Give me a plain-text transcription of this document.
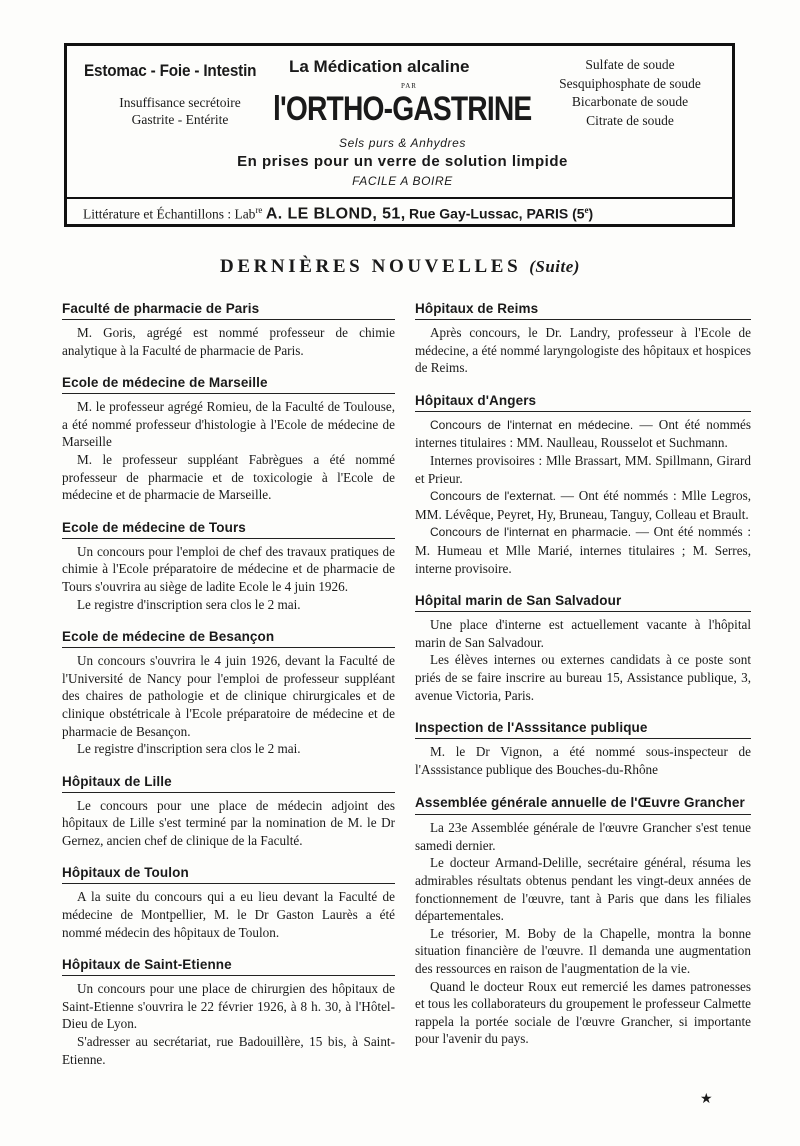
Estomac - Foie - Intestin
Insuffisance secrétoire
Gastrite - Entérite
La Médication alcaline
PAR
l'ORTHO-GASTRINE
Sulfate de soude
Sesquiphosphate de soude
Bicarbonate de soude
Citrate de soude
Sels purs & Anhydres
En prises pour un verre de solution limpide
FACILE A BOIRE
Littérature et Échantillons : Lab$^{re}$ A. LE BLOND, 51, Rue Gay-Lussac, PARIS (5e)
DERNIÈRES NOUVELLES (Suite)
Faculté de pharmacie de Paris

M. Goris, agrégé est nommé professeur de chimie analytique à la Faculté de pharmacie de Paris.

Ecole de médecine de Marseille

M. le professeur agrégé Romieu, de la Faculté de Toulouse, a été nommé professeur d'histologie à l'Ecole de médecine de Marseille

M. le professeur suppléant Fabrègues a été nommé professeur de pharmacie et de toxicologie à l'Ecole de médecine et de pharmacie de Marseille.

Ecole de médecine de Tours

Un concours pour l'emploi de chef des travaux pratiques de chimie à l'Ecole préparatoire de médecine et de pharmacie de Tours s'ouvrira au siège de ladite Ecole le 4 juin 1926.

Le registre d'inscription sera clos le 2 mai.

Ecole de médecine de Besançon

Un concours s'ouvrira le 4 juin 1926, devant la Faculté de l'Université de Nancy pour l'emploi de professeur suppléant des chaires de pathologie et de clinique chirurgicales et de clinique obstétricale à l'Ecole préparatoire de médecine et de pharmacie de Besançon.

Le registre d'inscription sera clos le 2 mai.

Hôpitaux de Lille

Le concours pour une place de médecin adjoint des hôpitaux de Lille s'est terminé par la nomination de M. le Dr Gernez, ancien chef de clinique de la Faculté.

Hôpitaux de Toulon

A la suite du concours qui a eu lieu devant la Faculté de médecine de Montpellier, M. le Dr Gaston Laurès a été nommé médecin des hôpitaux de Toulon.

Hôpitaux de Saint-Etienne

Un concours pour une place de chirurgien des hôpitaux de Saint-Etienne s'ouvrira le 22 février 1926, à 8 h. 30, à l'Hôtel-Dieu de Lyon.

S'adresser au secrétariat, rue Badouillère, 15 bis, à Saint-Etienne.

Hôpitaux de Reims

Après concours, le Dr. Landry, professeur à l'Ecole de médecine, a été nommé laryngologiste des hôpitaux et hospices de Reims.

Hôpitaux d'Angers

Concours de l'internat en médecine. — Ont été nommés internes titulaires : MM. Naulleau, Rousselot et Suchmann.

Internes provisoires : Mlle Brassart, MM. Spillmann, Girard et Prieur.

Concours de l'externat. — Ont été nommés : Mlle Legros, MM. Lévêque, Peyret, Hy, Bruneau, Tanguy, Colleau et Brault.

Concours de l'internat en pharmacie. — Ont été nommés : M. Humeau et Mlle Marié, internes titulaires ; M. Serres, interne provisoire.

Hôpital marin de San Salvadour

Une place d'interne est actuellement vacante à l'hôpital marin de San Salvadour.

Les élèves internes ou externes candidats à ce poste sont priés de se faire inscrire au bureau 15, Assistance publique, 3, avenue Victoria, Paris.

Inspection de l'Asssitance publique

M. le Dr Vignon, a été nommé sous-inspecteur de l'Asssistance publique des Bouches-du-Rhône

Assemblée générale annuelle de l'Œuvre Grancher

La 23e Assemblée générale de l'œuvre Grancher s'est tenue samedi dernier.

Le docteur Armand-Delille, secrétaire général, résuma les admirables résultats obtenus pendant les vingt-deux années de fonctionnement de l'œuvre, tant à Paris que dans les filiales départementales.

Le trésorier, M. Boby de la Chapelle, montra la bonne situation financière de l'œuvre. Il demanda une augmentation des ressources en raison de l'augmentation de la vie.

Quand le docteur Roux eut remercié les dames patronesses et tous les collaborateurs du groupement le professeur Calmette rappela la portée sociale de l'œuvre Grancher, si importante pour l'avenir du pays.

★
